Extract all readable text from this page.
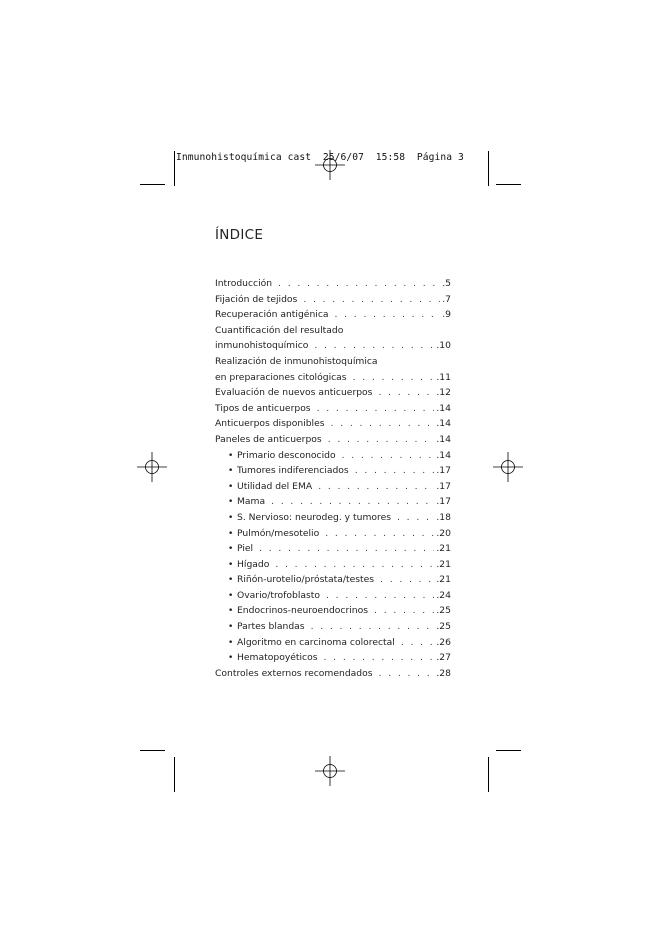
Inmunohistoquímica cast  25/6/07  15:58  Página 3
ÍNDICE
Introducción . . .	.5
Fijación de tejidos . . .	.7
Recuperación antigénica . . .	.9
Cuantificación del resultado
inmunohistoquímico . . .	.10
Realización de inmunohistoquímica
en preparaciones citológicas . . .	.11
Evaluación de nuevos anticuerpos . . .	.12
Tipos de anticuerpos . . .	.14
Anticuerpos disponibles . . .	.14
Paneles de anticuerpos . . .	.14
• Primario desconocido . . .	.14
• Tumores indiferenciados . . .	.17
• Utilidad del EMA . . .	.17
• Mama . . .	.17
• S. Nervioso: neurodeg. y tumores . . .	.18
• Pulmón/mesotelio . . .	.20
• Piel . . .	.21
• Hígado . . .	.21
• Riñón-urotelio/próstata/testes . . .	.21
• Ovario/trofoblasto . . .	.24
• Endocrinos-neuroendocrinos . . .	.25
• Partes blandas . . .	.25
• Algoritmo en carcinoma colorectal . . .	.26
• Hematopoyéticos . . .	.27
Controles externos recomendados . . .	.28
